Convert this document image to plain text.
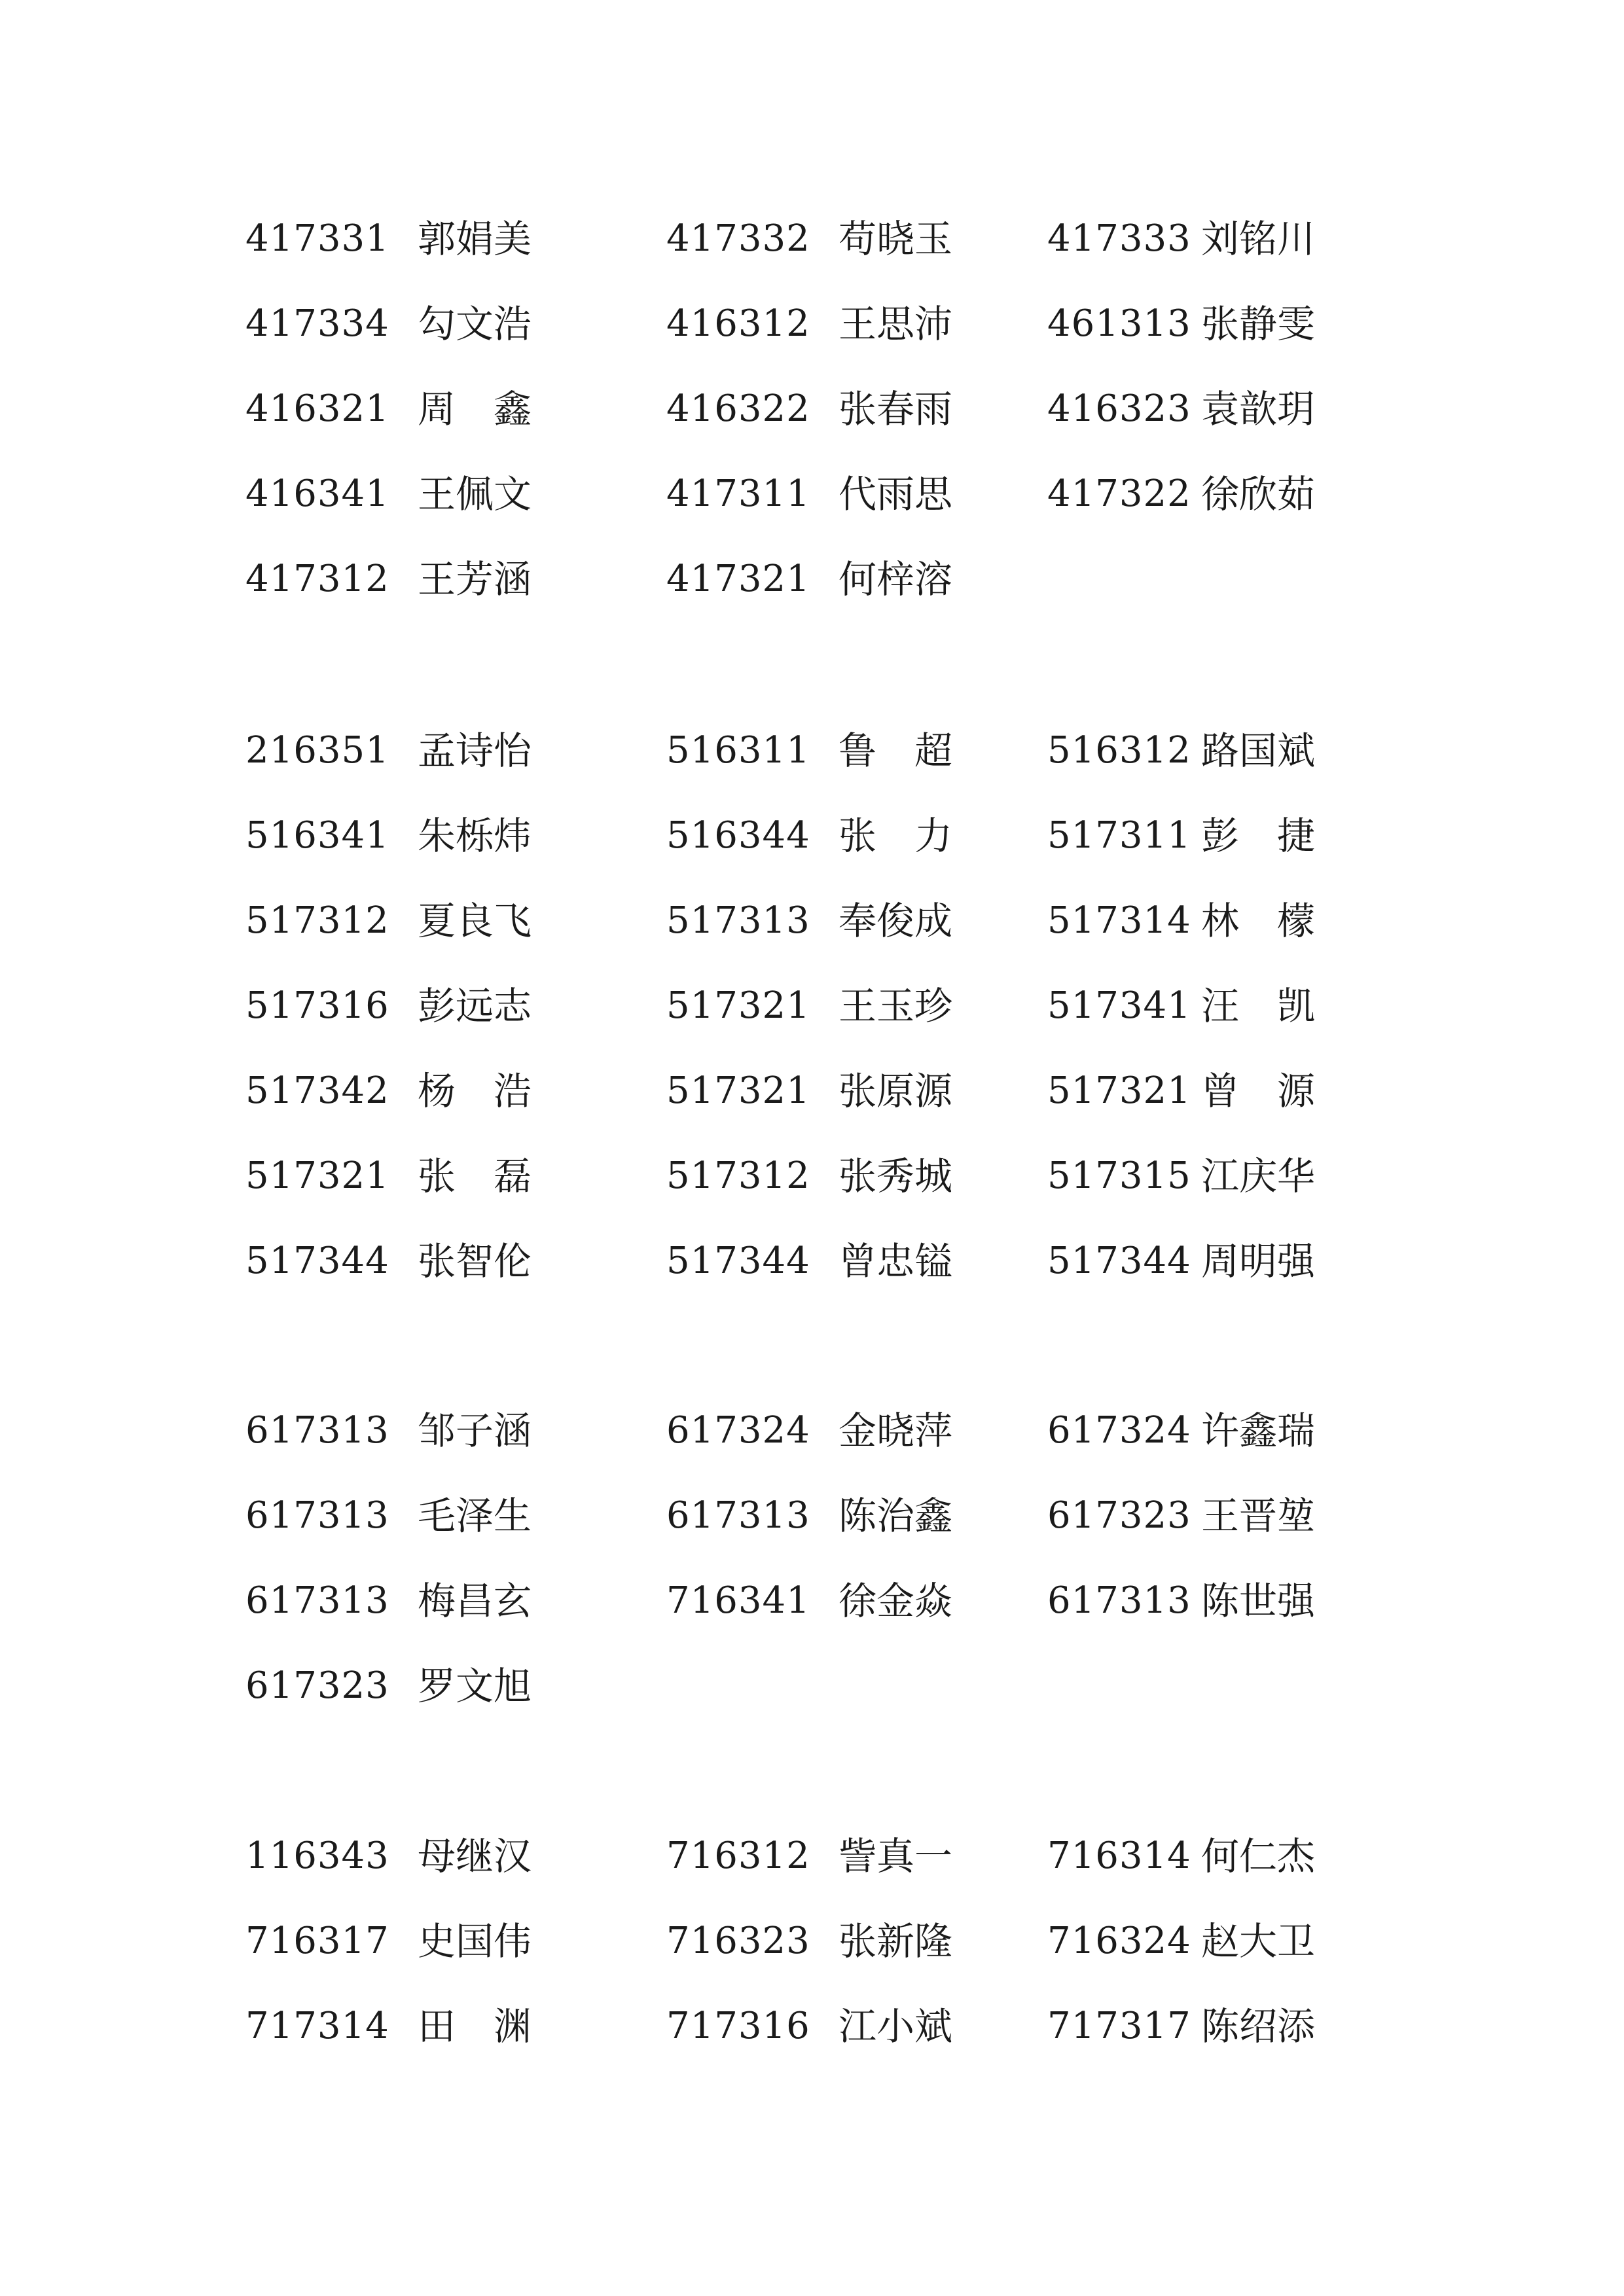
417331 郭娟美	417332 苟晓玉	417333 刘铭川
417334 勾文浩	416312 王思沛	461313 张静雯
416321 周　鑫	416322 张春雨	416323 袁歆玥
416341 王佩文	417311 代雨思	417322 徐欣茹
417312 王芳涵	417321 何梓溶
216351 孟诗怡	516311 鲁　超	516312 路国斌
516341 朱栎炜	516344 张　力	517311 彭　捷
517312 夏良飞	517313 奉俊成	517314 林　檬
517316 彭远志	517321 王玉珍	517341 汪　凯
517342 杨　浩	517321 张原源	517321 曾　源
517321 张　磊	517312 张秀城	517315 江庆华
517344 张智伦	517344 曾忠镒	517344 周明强
617313 邹子涵	617324 金晓萍	617324 许鑫瑞
617313 毛泽生	617313 陈治鑫	617323 王晋堃
617313 梅昌玄	716341 徐金焱	617313 陈世强
617323 罗文旭
116343 母继汉	716312 訾真一	716314 何仁杰
716317 史国伟	716323 张新隆	716324 赵大卫
717314 田　渊	717316 江小斌	717317 陈绍添
